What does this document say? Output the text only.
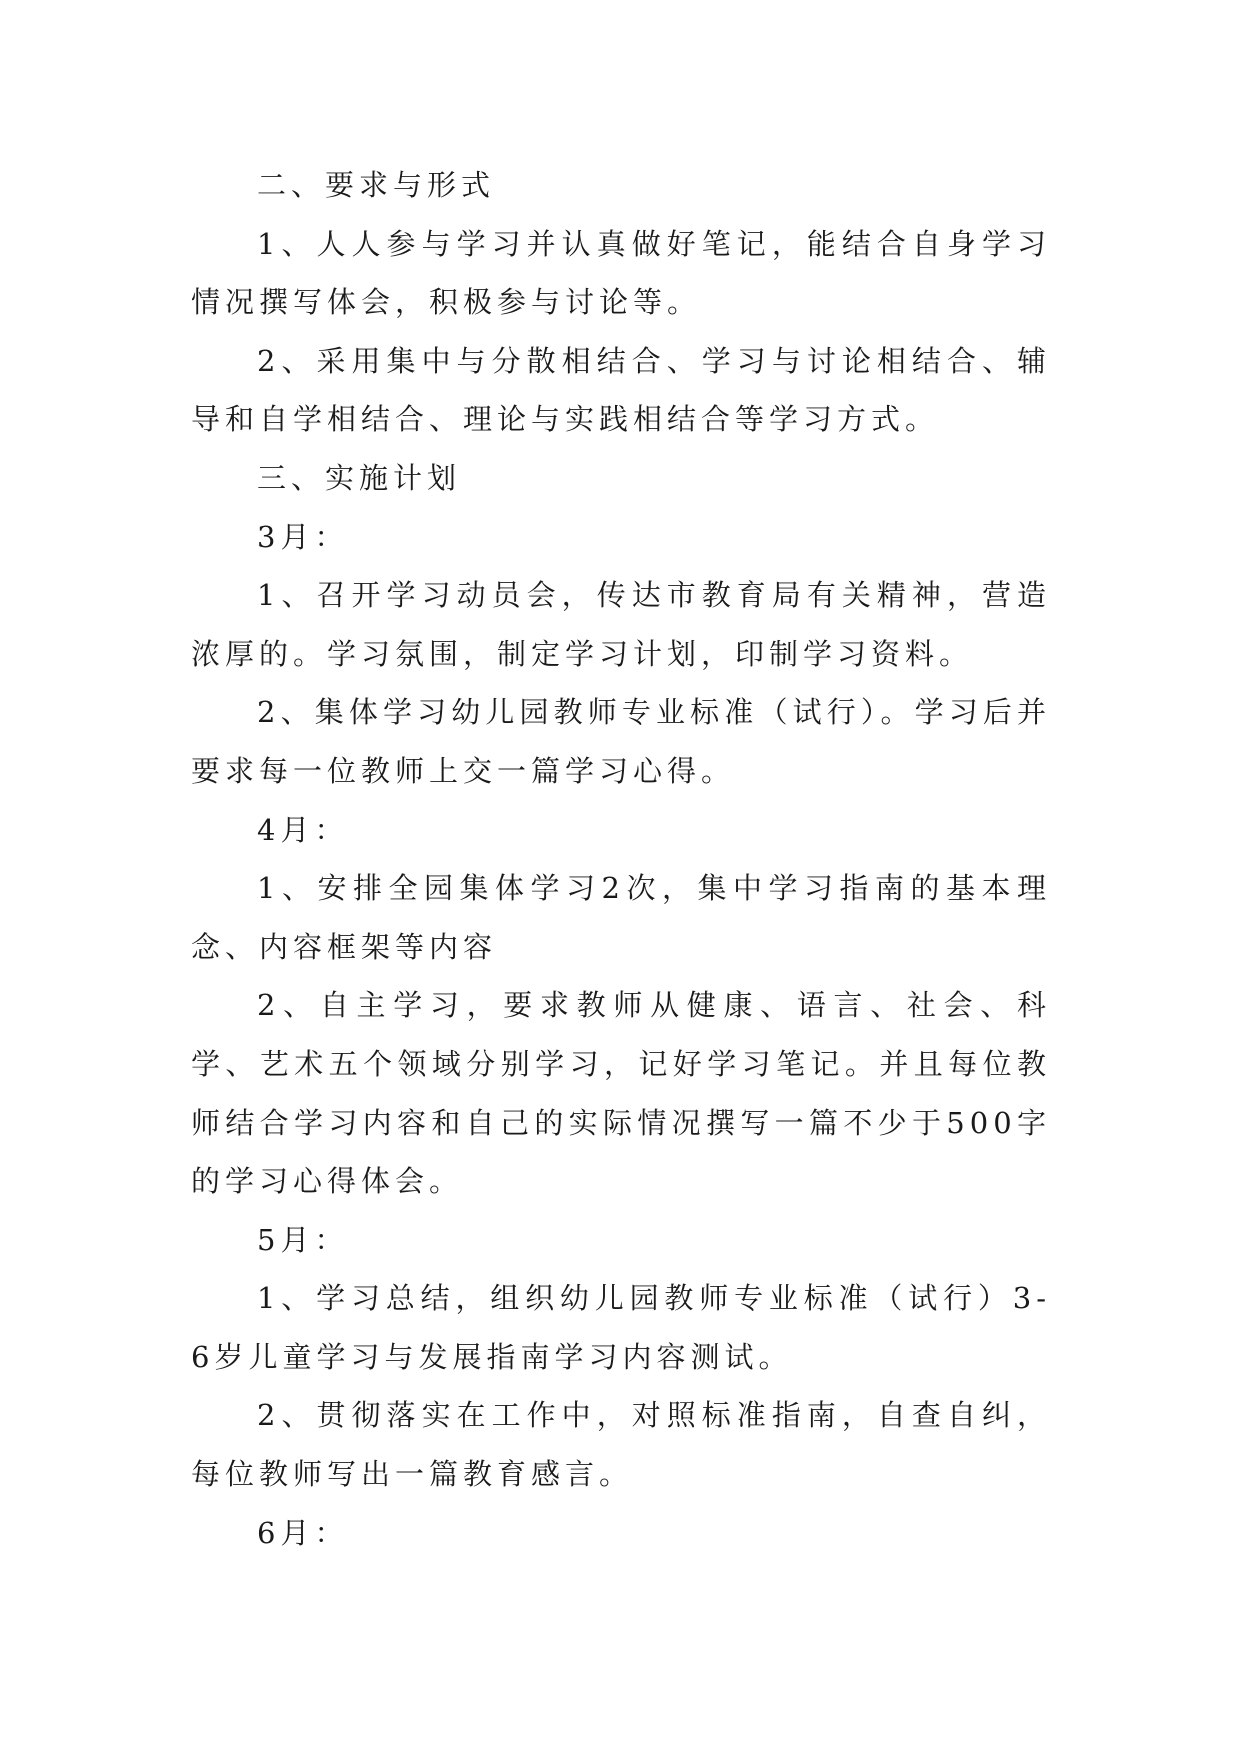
二、要求与形式

1、人人参与学习并认真做好笔记，能结合自身学习情况撰写体会，积极参与讨论等。

2、采用集中与分散相结合、学习与讨论相结合、辅导和自学相结合、理论与实践相结合等学习方式。

三、实施计划

3月：

1、召开学习动员会，传达市教育局有关精神，营造浓厚的。学习氛围，制定学习计划，印制学习资料。

2、集体学习幼儿园教师专业标准（试行）。学习后并要求每一位教师上交一篇学习心得。

4月：

1、安排全园集体学习2次，集中学习指南的基本理念、内容框架等内容

2、自主学习，要求教师从健康、语言、社会、科学、艺术五个领域分别学习，记好学习笔记。并且每位教师结合学习内容和自己的实际情况撰写一篇不少于500字的学习心得体会。

5月：

1、学习总结，组织幼儿园教师专业标准（试行）3-6岁儿童学习与发展指南学习内容测试。

2、贯彻落实在工作中，对照标准指南，自查自纠，每位教师写出一篇教育感言。

6月：
